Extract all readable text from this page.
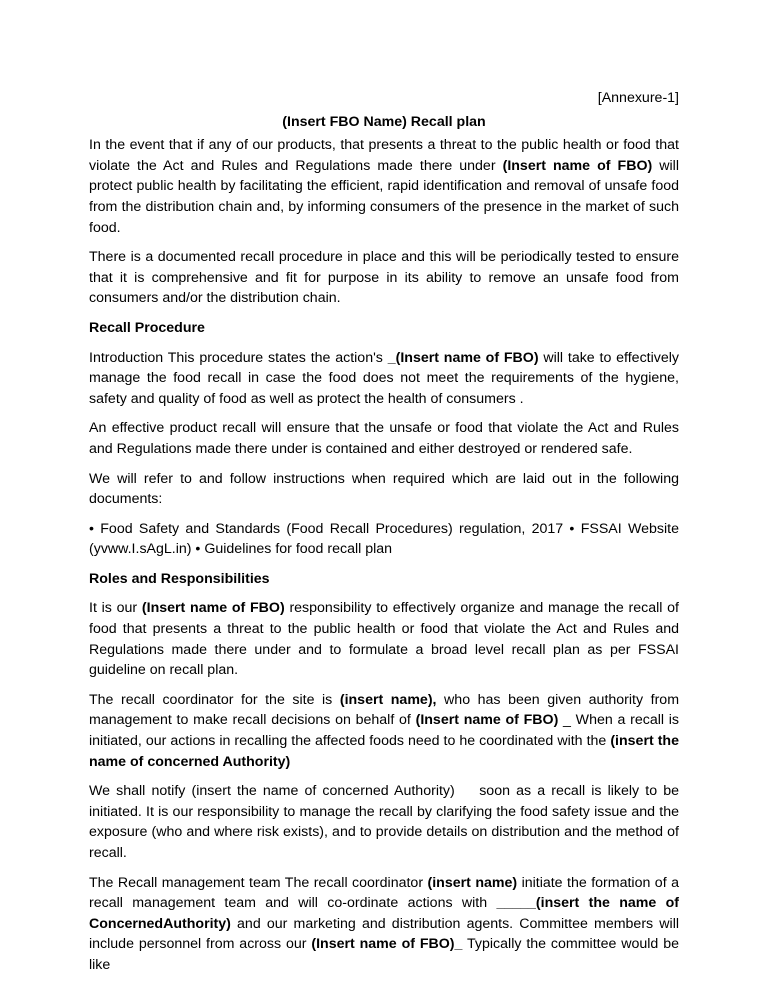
[Annexure-1]
(Insert FBO Name) Recall plan

In the event that if any of our products, that presents a threat to the public health or food that violate the Act and Rules and Regulations made there under (Insert name of FBO) will protect public health by facilitating the efficient, rapid identification and removal of unsafe food from the distribution chain and, by informing consumers of the presence in the market of such food.

There is a documented recall procedure in place and this will be periodically tested to ensure that it is comprehensive and fit for purpose in its ability to remove an unsafe food from consumers and/or the distribution chain.

Recall Procedure

Introduction This procedure states the action's _(Insert name of FBO) will take to effectively manage the food recall in case the food does not meet the requirements of the hygiene, safety and quality of food as well as protect the health of consumers .

An effective product recall will ensure that the unsafe or food that violate the Act and Rules and Regulations made there under is contained and either destroyed or rendered safe.

We will refer to and follow instructions when required which are laid out in the following documents:

• Food Safety and Standards (Food Recall Procedures) regulation, 2017 • FSSAI Website (yvww.I.sAgL.in) • Guidelines for food recall plan

Roles and Responsibilities

It is our (Insert name of FBO) responsibility to effectively organize and manage the recall of food that presents a threat to the public health or food that violate the Act and Rules and Regulations made there under and to formulate a broad level recall plan as per FSSAI guideline on recall plan.

The recall coordinator for the site is (insert name), who has been given authority from management to make recall decisions on behalf of (Insert name of FBO) _ When a recall is initiated, our actions in recalling the affected foods need to he coordinated with the (insert the name of concerned Authority)

We shall notify (insert the name of concerned Authority)    soon as a recall is likely to be initiated. It is our responsibility to manage the recall by clarifying the food safety issue and the exposure (who and where risk exists), and to provide details on distribution and the method of recall.

The Recall management team The recall coordinator (insert name) initiate the formation of a recall management team and will co-ordinate actions with _____(insert the name of ConcernedAuthority) and our marketing and distribution agents. Committee members will include personnel from across our (Insert name of FBO)_ Typically the committee would be like
